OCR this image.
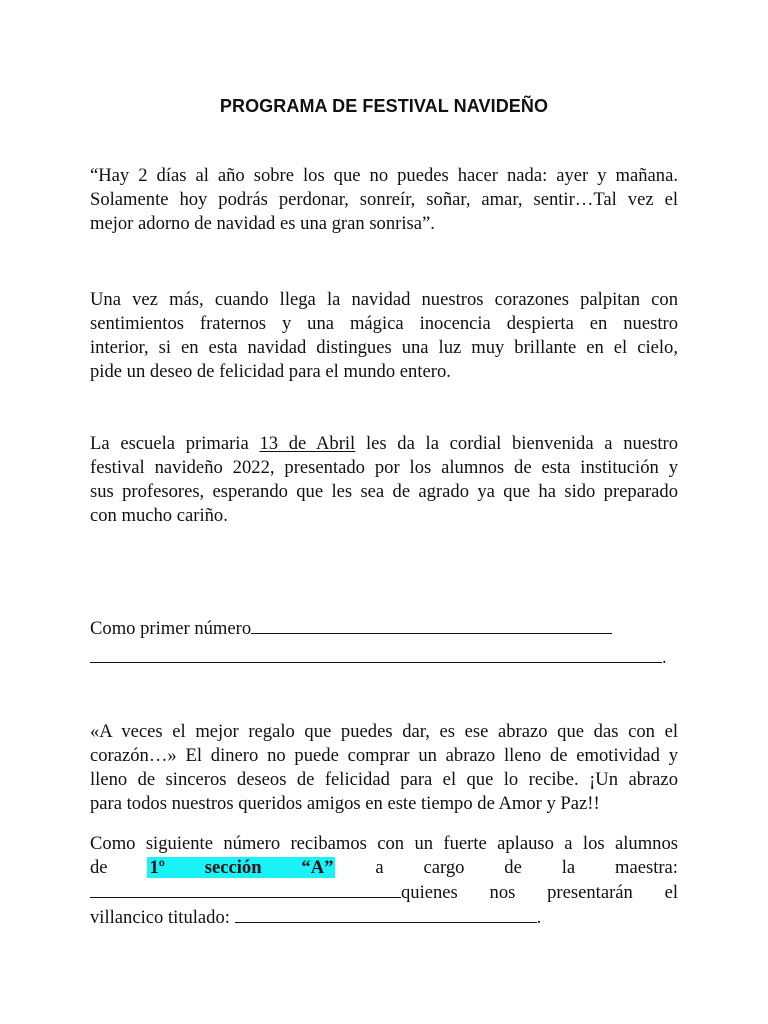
PROGRAMA DE FESTIVAL NAVIDEÑO
“Hay 2 días al año sobre los que no puedes hacer nada: ayer y mañana.
Solamente hoy podrás perdonar, sonreír, soñar, amar, sentir…Tal vez el
mejor adorno de navidad es una gran sonrisa”.
Una vez más, cuando llega la navidad nuestros corazones palpitan con
sentimientos fraternos y una mágica inocencia despierta en nuestro
interior, si en esta navidad distingues una luz muy brillante en el cielo,
pide un deseo de felicidad para el mundo entero.
La escuela primaria 13 de Abril les da la cordial bienvenida a nuestro
festival navideño 2022, presentado por los alumnos de esta institución y
sus profesores, esperando que les sea de agrado ya que ha sido preparado
con mucho cariño.
Como primer número
.
«A veces el mejor regalo que puedes dar, es ese abrazo que das con el
corazón…» El dinero no puede comprar un abrazo lleno de emotividad y
lleno de sinceros deseos de felicidad para el que lo recibe. ¡Un abrazo
para todos nuestros queridos amigos en este tiempo de Amor y Paz!!
Como siguiente número recibamos con un fuerte aplauso a los alumnos
de 1º sección “A” a cargo de la maestra:
quienes nos presentarán el
villancico titulado:	.
